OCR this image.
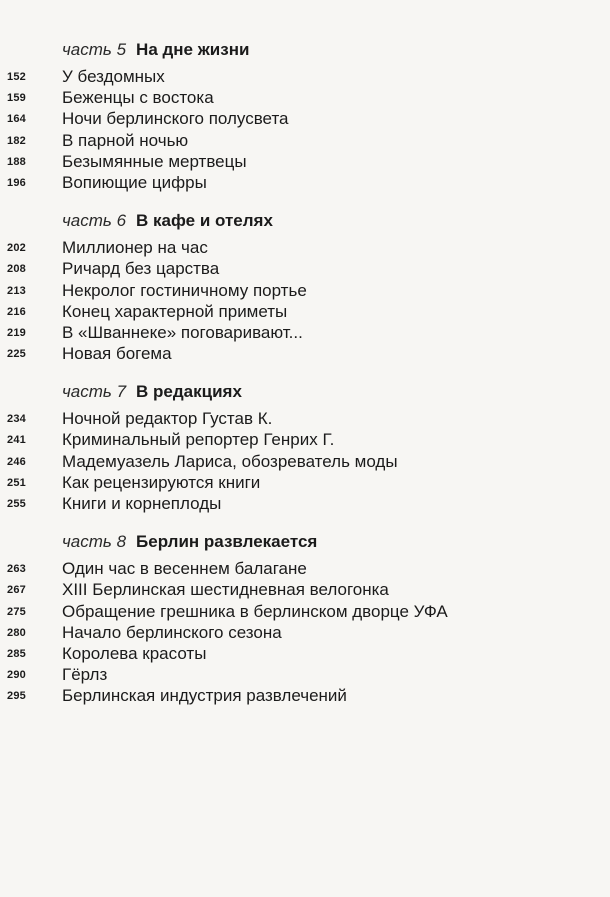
часть 5 На дне жизни
152 У бездомных
159 Беженцы с востока
164 Ночи берлинского полусвета
182 В парной ночью
188 Безымянные мертвецы
196 Вопиющие цифры
часть 6 В кафе и отелях
202 Миллионер на час
208 Ричард без царства
213 Некролог гостиничному портье
216 Конец характерной приметы
219 В «Шваннеке» поговаривают...
225 Новая богема
часть 7 В редакциях
234 Ночной редактор Густав К.
241 Криминальный репортер Генрих Г.
246 Мадемуазель Лариса, обозреватель моды
251 Как рецензируются книги
255 Книги и корнеплоды
часть 8 Берлин развлекается
263 Один час в весеннем балагане
267 XIII Берлинская шестидневная велогонка
275 Обращение грешника в берлинском дворце УФА
280 Начало берлинского сезона
285 Королева красоты
290 Гёрлз
295 Берлинская индустрия развлечений
